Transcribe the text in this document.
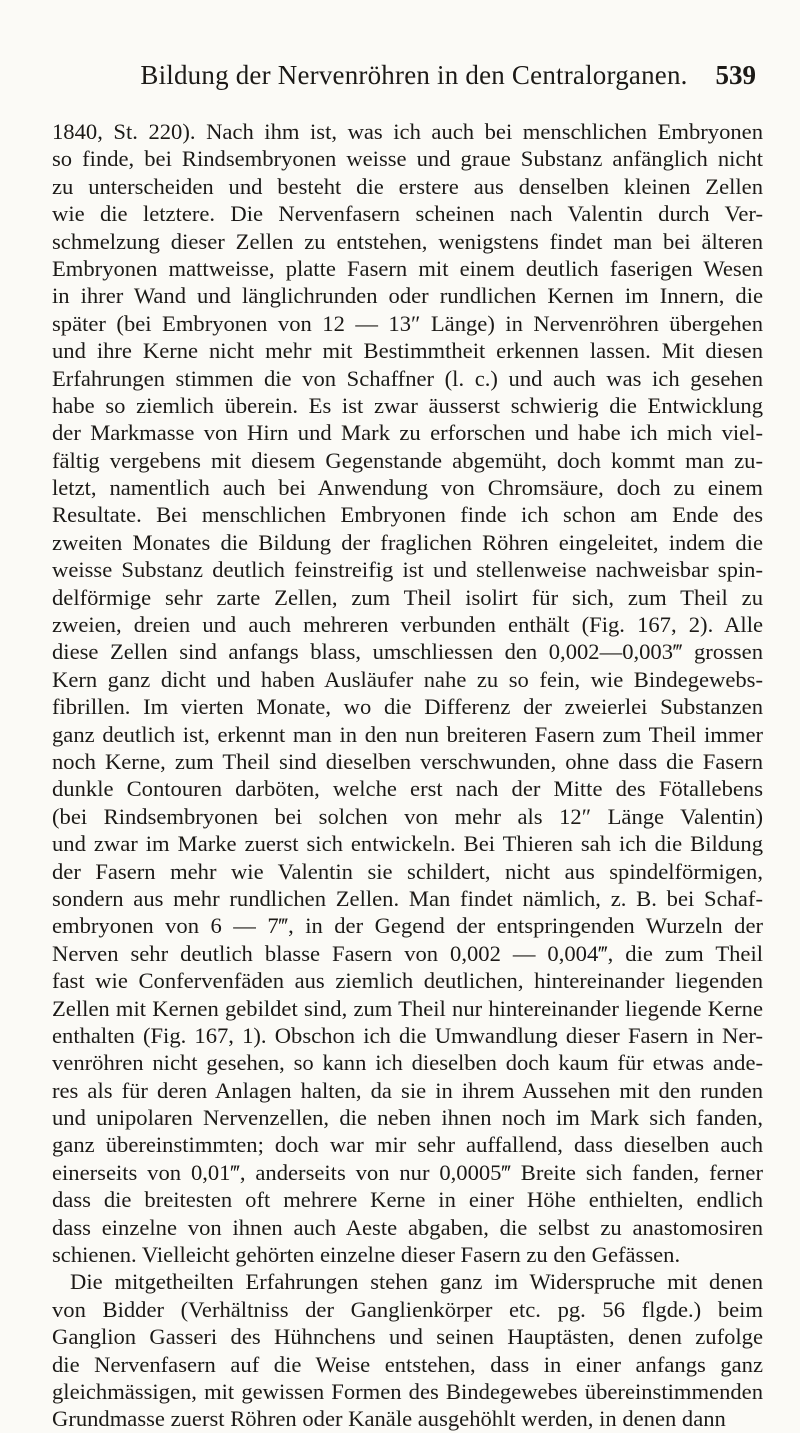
Bildung der Nervenröhren in den Centralorganen.	539
1840, St. 220). Nach ihm ist, was ich auch bei menschlichen Embryonen
so finde, bei Rindsembryonen weisse und graue Substanz anfänglich nicht
zu unterscheiden und besteht die erstere aus denselben kleinen Zellen
wie die letztere. Die Nervenfasern scheinen nach Valentin durch Ver-
schmelzung dieser Zellen zu entstehen, wenigstens findet man bei älteren
Embryonen mattweisse, platte Fasern mit einem deutlich faserigen Wesen
in ihrer Wand und länglichrunden oder rundlichen Kernen im Innern, die
später (bei Embryonen von 12 — 13″ Länge) in Nervenröhren übergehen
und ihre Kerne nicht mehr mit Bestimmtheit erkennen lassen. Mit diesen
Erfahrungen stimmen die von Schaffner (l. c.) und auch was ich gesehen
habe so ziemlich überein. Es ist zwar äusserst schwierig die Entwicklung
der Markmasse von Hirn und Mark zu erforschen und habe ich mich viel-
fältig vergebens mit diesem Gegenstande abgemüht, doch kommt man zu-
letzt, namentlich auch bei Anwendung von Chromsäure, doch zu einem
Resultate. Bei menschlichen Embryonen finde ich schon am Ende des
zweiten Monates die Bildung der fraglichen Röhren eingeleitet, indem die
weisse Substanz deutlich feinstreifig ist und stellenweise nachweisbar spin-
delförmige sehr zarte Zellen, zum Theil isolirt für sich, zum Theil zu
zweien, dreien und auch mehreren verbunden enthält (Fig. 167, 2). Alle
diese Zellen sind anfangs blass, umschliessen den 0,002—0,003‴ grossen
Kern ganz dicht und haben Ausläufer nahe zu so fein, wie Bindegewebs-
fibrillen. Im vierten Monate, wo die Differenz der zweierlei Substanzen
ganz deutlich ist, erkennt man in den nun breiteren Fasern zum Theil immer
noch Kerne, zum Theil sind dieselben verschwunden, ohne dass die Fasern
dunkle Contouren darböten, welche erst nach der Mitte des Fötallebens
(bei Rindsembryonen bei solchen von mehr als 12″ Länge Valentin)
und zwar im Marke zuerst sich entwickeln. Bei Thieren sah ich die Bildung
der Fasern mehr wie Valentin sie schildert, nicht aus spindelförmigen,
sondern aus mehr rundlichen Zellen. Man findet nämlich, z. B. bei Schaf-
embryonen von 6 — 7‴, in der Gegend der entspringenden Wurzeln der
Nerven sehr deutlich blasse Fasern von 0,002 — 0,004‴, die zum Theil
fast wie Confervenfäden aus ziemlich deutlichen, hintereinander liegenden
Zellen mit Kernen gebildet sind, zum Theil nur hintereinander liegende Kerne
enthalten (Fig. 167, 1). Obschon ich die Umwandlung dieser Fasern in Ner-
venröhren nicht gesehen, so kann ich dieselben doch kaum für etwas ande-
res als für deren Anlagen halten, da sie in ihrem Aussehen mit den runden
und unipolaren Nervenzellen, die neben ihnen noch im Mark sich fanden,
ganz übereinstimmten; doch war mir sehr auffallend, dass dieselben auch
einerseits von 0,01‴, anderseits von nur 0,0005‴ Breite sich fanden, ferner
dass die breitesten oft mehrere Kerne in einer Höhe enthielten, endlich
dass einzelne von ihnen auch Aeste abgaben, die selbst zu anastomosiren
schienen. Vielleicht gehörten einzelne dieser Fasern zu den Gefässen.
Die mitgetheilten Erfahrungen stehen ganz im Widerspruche mit denen
von Bidder (Verhältniss der Ganglienkörper etc. pg. 56 flgde.) beim
Ganglion Gasseri des Hühnchens und seinen Hauptästen, denen zufolge
die Nervenfasern auf die Weise entstehen, dass in einer anfangs ganz
gleichmässigen, mit gewissen Formen des Bindegewebes übereinstimmenden
Grundmasse zuerst Röhren oder Kanäle ausgehöhlt werden, in denen dann
